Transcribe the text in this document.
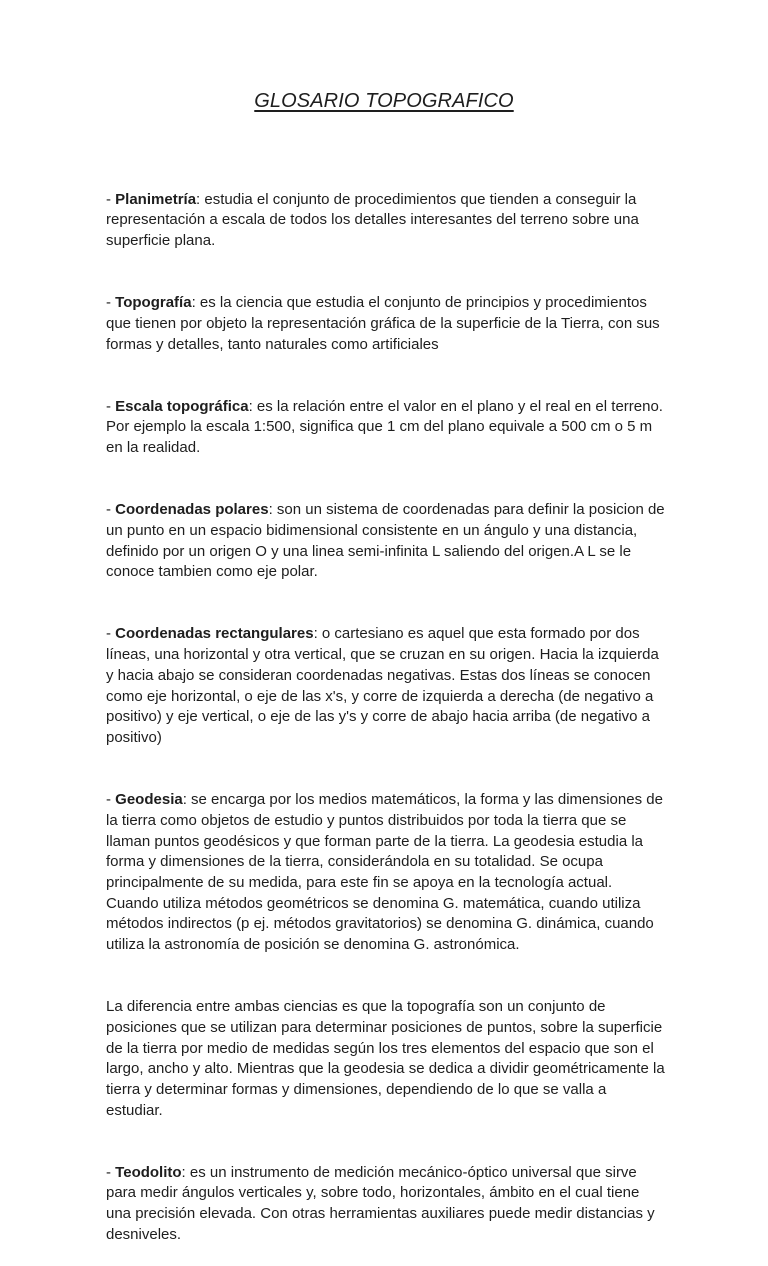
GLOSARIO TOPOGRAFICO

- Planimetría: estudia el conjunto de procedimientos que tienden a conseguir la representación a escala de todos los detalles interesantes del terreno sobre una superficie plana.

- Topografía: es la ciencia que estudia el conjunto de principios y procedimientos que tienen por objeto la representación gráfica de la superficie de la Tierra, con sus formas y detalles, tanto naturales como artificiales

- Escala topográfica: es la relación entre el valor en el plano y el real en el terreno. Por ejemplo la escala 1:500, significa que 1 cm del plano equivale a 500 cm o 5 m en la realidad.

- Coordenadas polares: son un sistema de coordenadas para definir la posicion de un punto en un espacio bidimensional consistente en un ángulo y una distancia, definido por un origen O y una linea semi-infinita L saliendo del origen.A L se le conoce tambien como eje polar.

- Coordenadas rectangulares: o cartesiano es aquel que esta formado por dos líneas, una horizontal y otra vertical, que se cruzan en su origen. Hacia la izquierda y hacia abajo se consideran coordenadas negativas. Estas dos líneas se conocen como eje horizontal, o eje de las x's, y corre de izquierda a derecha (de negativo a positivo) y eje vertical, o eje de las y's y corre de abajo hacia arriba (de negativo a positivo)

- Geodesia: se encarga por los medios matemáticos, la forma y las dimensiones de la tierra como objetos de estudio y puntos distribuidos por toda la tierra que se llaman puntos geodésicos y que forman parte de la tierra. La geodesia estudia la forma y dimensiones de la tierra, considerándola en su totalidad. Se ocupa principalmente de su medida, para este fin se apoya en la tecnología actual. Cuando utiliza métodos geométricos se denomina G. matemática, cuando utiliza métodos indirectos (p ej. métodos gravitatorios) se denomina G. dinámica, cuando utiliza la astronomía de posición se denomina G. astronómica.

La diferencia entre ambas ciencias es que la topografía son un conjunto de posiciones que se utilizan para determinar posiciones de puntos, sobre la superficie de la tierra por medio de medidas según los tres elementos del espacio que son el largo, ancho y alto. Mientras que la geodesia se dedica a dividir geométricamente la tierra y determinar formas y dimensiones, dependiendo de lo que se valla a estudiar.

- Teodolito: es un instrumento de medición mecánico-óptico universal que sirve para medir ángulos verticales y, sobre todo, horizontales, ámbito en el cual tiene una precisión elevada. Con otras herramientas auxiliares puede medir distancias y desniveles.
